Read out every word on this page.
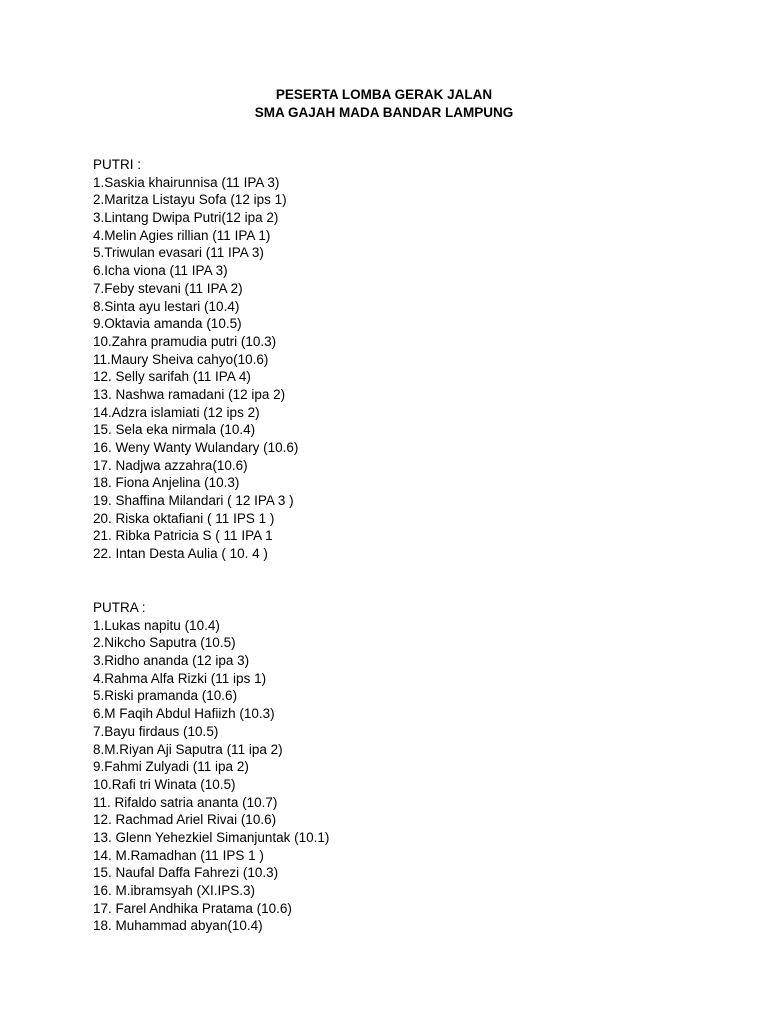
PESERTA LOMBA GERAK JALAN
SMA GAJAH MADA BANDAR LAMPUNG
PUTRI :
1.Saskia khairunnisa (11 IPA 3)
2.Maritza Listayu Sofa (12 ips 1)
3.Lintang Dwipa Putri(12 ipa 2)
4.Melin Agies rillian (11 IPA 1)
5.Triwulan evasari (11 IPA 3)
6.Icha viona (11 IPA 3)
7.Feby stevani (11 IPA 2)
8.Sinta ayu lestari (10.4)
9.Oktavia amanda (10.5)
10.Zahra pramudia putri (10.3)
11.Maury Sheiva cahyo(10.6)
12. Selly sarifah (11 IPA 4)
13. Nashwa ramadani (12 ipa 2)
14.Adzra islamiati (12 ips 2)
15. Sela eka nirmala (10.4)
16. Weny Wanty Wulandary (10.6)
17. Nadjwa azzahra(10.6)
18. Fiona Anjelina (10.3)
19. Shaffina Milandari ( 12 IPA 3 )
20. Riska oktafiani ( 11 IPS 1 )
21. Ribka Patricia S ( 11 IPA 1
22. Intan Desta Aulia ( 10. 4 )
PUTRA :
1.Lukas napitu (10.4)
2.Nikcho Saputra (10.5)
3.Ridho ananda (12 ipa 3)
4.Rahma Alfa Rizki (11 ips 1)
5.Riski pramanda (10.6)
6.M Faqih Abdul Hafiizh (10.3)
7.Bayu firdaus (10.5)
8.M.Riyan Aji Saputra (11 ipa 2)
9.Fahmi Zulyadi (11 ipa 2)
10.Rafi tri Winata (10.5)
11. Rifaldo satria ananta (10.7)
12. Rachmad Ariel Rivai (10.6)
13. Glenn Yehezkiel Simanjuntak (10.1)
14. M.Ramadhan (11 IPS 1 )
15. Naufal Daffa Fahrezi (10.3)
16. M.ibramsyah (XI.IPS.3)
17. Farel Andhika Pratama (10.6)
18. Muhammad abyan(10.4)
